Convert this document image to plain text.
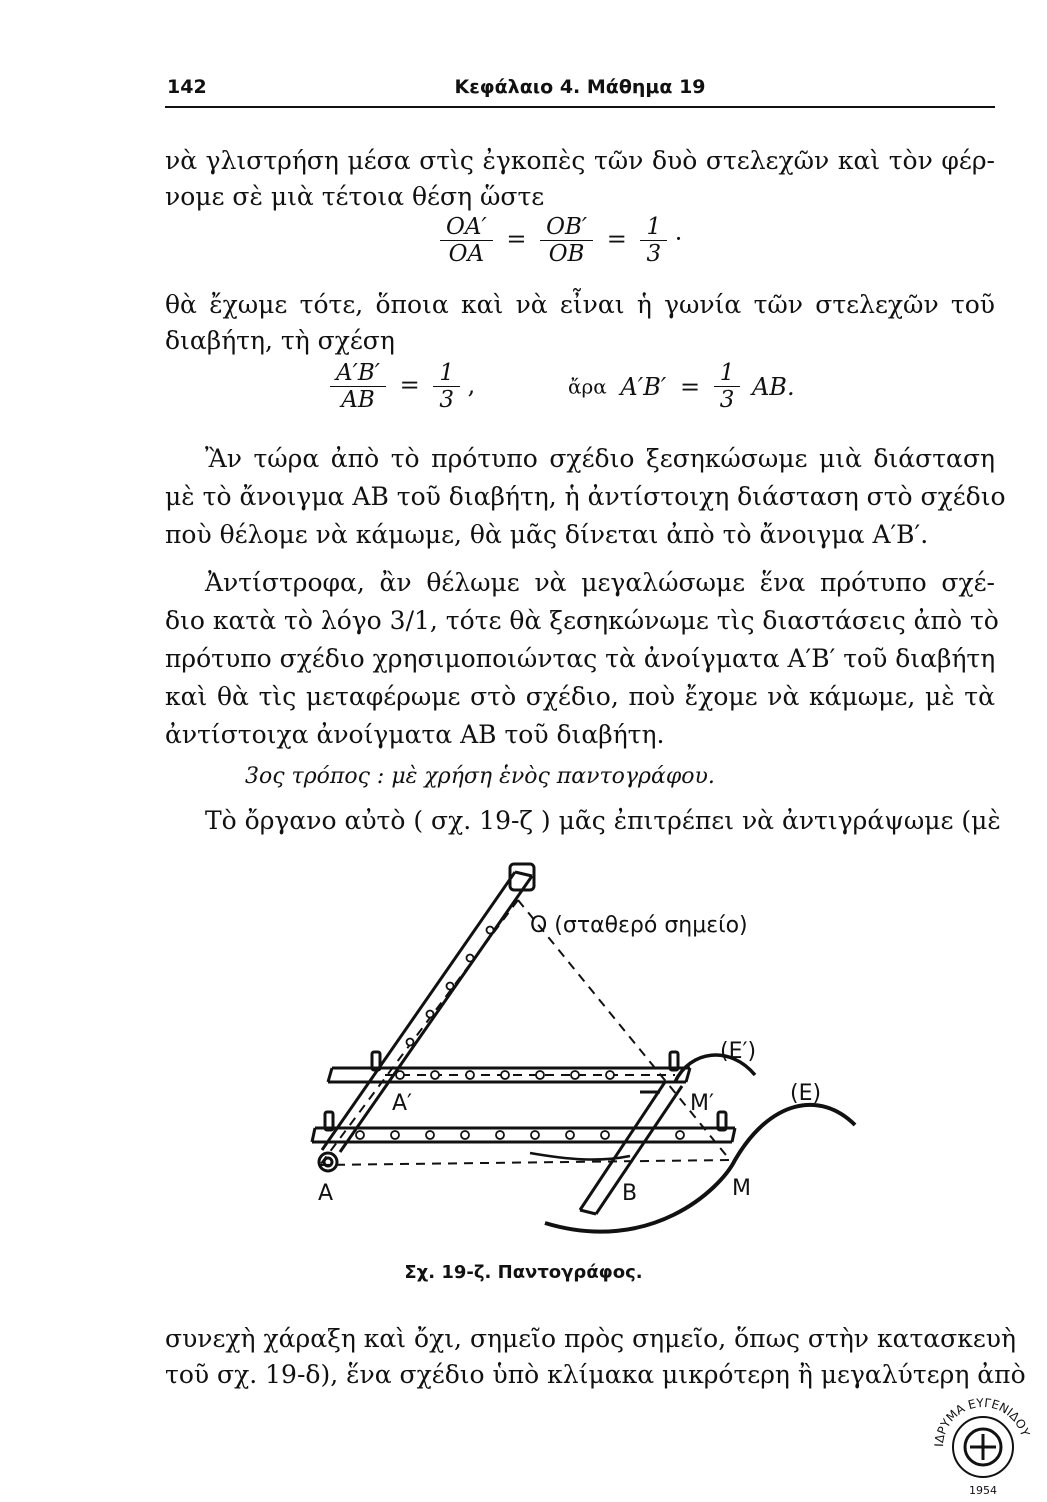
142	Κεφάλαιο 4. Μάθημα 19
νὰ γλιστρήση μέσα στὶς ἐγκοπὲς τῶν δυὸ στελεχῶν καὶ τὸν φέρ-
νομε σὲ μιὰ τέτοια θέση ὥστε
$\frac{OA'}{OA} = \frac{OB'}{OB} = \frac{1}{3}$ ·
θὰ ἔχωμε τότε, ὅποια καὶ νὰ εἶναι ἡ γωνία τῶν στελεχῶν τοῦ
διαβήτη, τὴ σχέση
$\frac{A'B'}{AB} = \frac{1}{3}$ ,	ἄρα $A'B' = \frac{1}{3}$ AB.
Ἂν τώρα ἀπὸ τὸ πρότυπο σχέδιο ξεσηκώσωμε μιὰ διάσταση
μὲ τὸ ἄνοιγμα AB τοῦ διαβήτη, ἡ ἀντίστοιχη διάσταση στὸ σχέδιο
ποὺ θέλομε νὰ κάμωμε, θὰ μᾶς δίνεται ἀπὸ τὸ ἄνοιγμα A′B′.
Ἀντίστροφα, ἂν θέλωμε νὰ μεγαλώσωμε ἕνα πρότυπο σχέ-
διο κατὰ τὸ λόγο 3/1, τότε θὰ ξεσηκώνωμε τὶς διαστάσεις ἀπὸ τὸ
πρότυπο σχέδιο χρησιμοποιώντας τὰ ἀνοίγματα A′B′ τοῦ διαβήτη
καὶ θὰ τὶς μεταφέρωμε στὸ σχέδιο, ποὺ ἔχομε νὰ κάμωμε, μὲ τὰ
ἀντίστοιχα ἀνοίγματα AB τοῦ διαβήτη.
3ος τρόπος : μὲ χρήση ἑνὸς παντογράφου.
Τὸ ὄργανο αὐτὸ ( σχ. 19-ζ ) μᾶς ἐπιτρέπει νὰ ἀντιγράψωμε (μὲ
O (σταθερό σημείο)
(E′)
(E)
A′	M′
A	B	M
Σχ. 19-ζ. Παντογράφος.
συνεχὴ χάραξη καὶ ὄχι, σημεῖο πρὸς σημεῖο, ὅπως στὴν κατασκευὴ
τοῦ σχ. 19-δ), ἕνα σχέδιο ὑπὸ κλίμακα μικρότερη ἢ μεγαλύτερη ἀπὸ
ΙΔΡΥΜΑ ΕΥΓΕΝΙΔΟΥ
1954
